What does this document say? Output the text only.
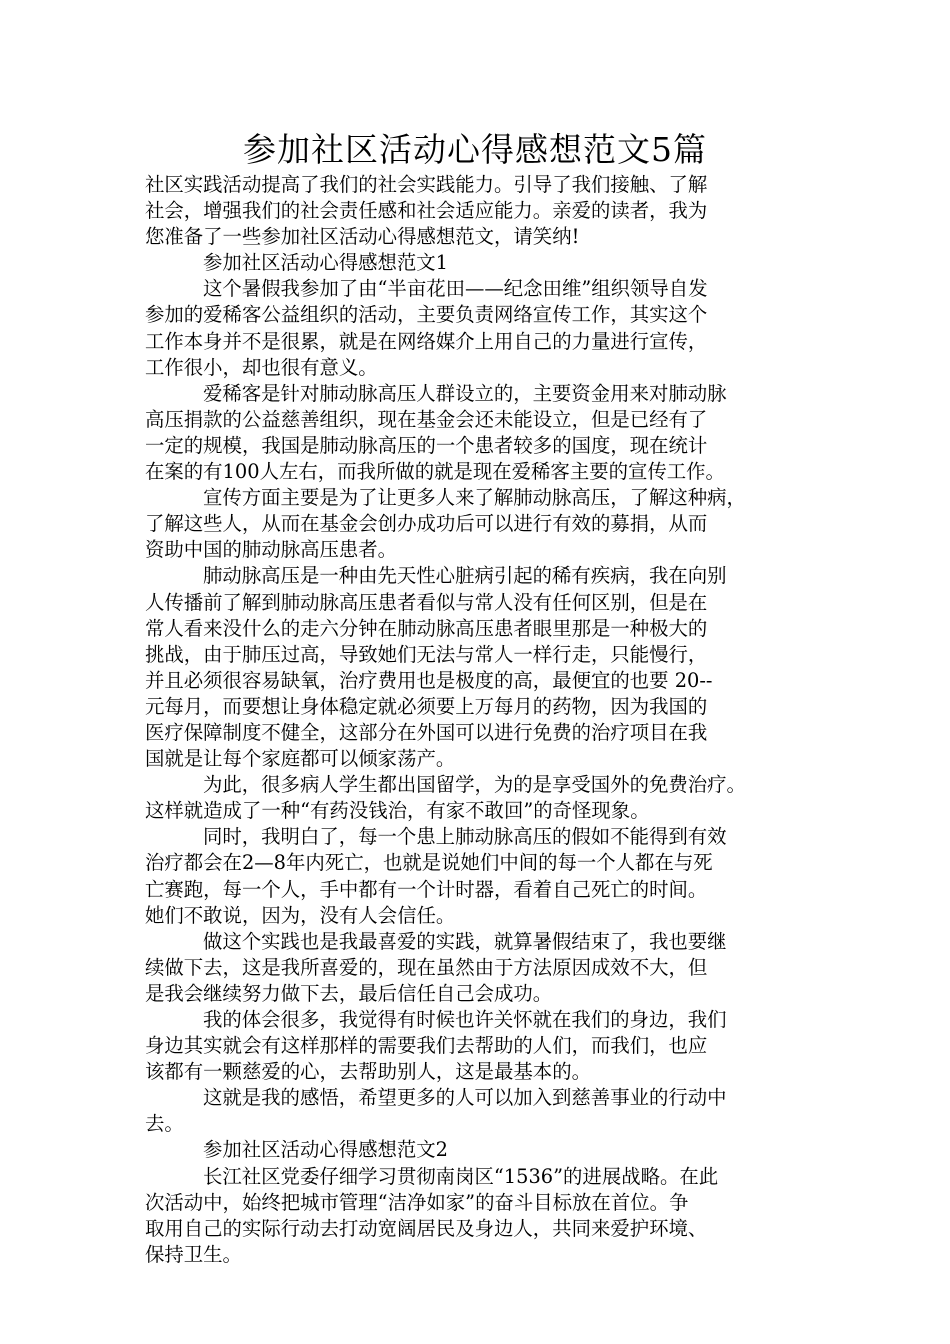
参加社区活动心得感想范文5篇
社区实践活动提高了我们的社会实践能力。引导了我们接触、了解
社会，增强我们的社会责任感和社会适应能力。亲爱的读者，我为
您准备了一些参加社区活动心得感想范文，请笑纳!
参加社区活动心得感想范文1
这个暑假我参加了由“半亩花田——纪念田维”组织领导自发
参加的爱稀客公益组织的活动，主要负责网络宣传工作，其实这个
工作本身并不是很累，就是在网络媒介上用自己的力量进行宣传，
工作很小，却也很有意义。
爱稀客是针对肺动脉高压人群设立的，主要资金用来对肺动脉
高压捐款的公益慈善组织，现在基金会还未能设立，但是已经有了
一定的规模，我国是肺动脉高压的一个患者较多的国度，现在统计
在案的有100人左右，而我所做的就是现在爱稀客主要的宣传工作。
宣传方面主要是为了让更多人来了解肺动脉高压，了解这种病，
了解这些人，从而在基金会创办成功后可以进行有效的募捐，从而
资助中国的肺动脉高压患者。
肺动脉高压是一种由先天性心脏病引起的稀有疾病，我在向别
人传播前了解到肺动脉高压患者看似与常人没有任何区别，但是在
常人看来没什么的走六分钟在肺动脉高压患者眼里那是一种极大的
挑战，由于肺压过高，导致她们无法与常人一样行走，只能慢行，
并且必须很容易缺氧，治疗费用也是极度的高，最便宜的也要 20--
元每月，而要想让身体稳定就必须要上万每月的药物，因为我国的
医疗保障制度不健全，这部分在外国可以进行免费的治疗项目在我
国就是让每个家庭都可以倾家荡产。
为此，很多病人学生都出国留学，为的是享受国外的免费治疗。
这样就造成了一种“有药没钱治，有家不敢回”的奇怪现象。
同时，我明白了，每一个患上肺动脉高压的假如不能得到有效
治疗都会在2—8年内死亡，也就是说她们中间的每一个人都在与死
亡赛跑，每一个人，手中都有一个计时器，看着自己死亡的时间。
她们不敢说，因为，没有人会信任。
做这个实践也是我最喜爱的实践，就算暑假结束了，我也要继
续做下去，这是我所喜爱的，现在虽然由于方法原因成效不大，但
是我会继续努力做下去，最后信任自己会成功。
我的体会很多，我觉得有时候也许关怀就在我们的身边，我们
身边其实就会有这样那样的需要我们去帮助的人们，而我们，也应
该都有一颗慈爱的心，去帮助别人，这是最基本的。
这就是我的感悟，希望更多的人可以加入到慈善事业的行动中
去。
参加社区活动心得感想范文2
长江社区党委仔细学习贯彻南岗区“1536”的进展战略。在此
次活动中，始终把城市管理“洁净如家”的奋斗目标放在首位。争
取用自己的实际行动去打动宽阔居民及身边人，共同来爱护环境、
保持卫生。
